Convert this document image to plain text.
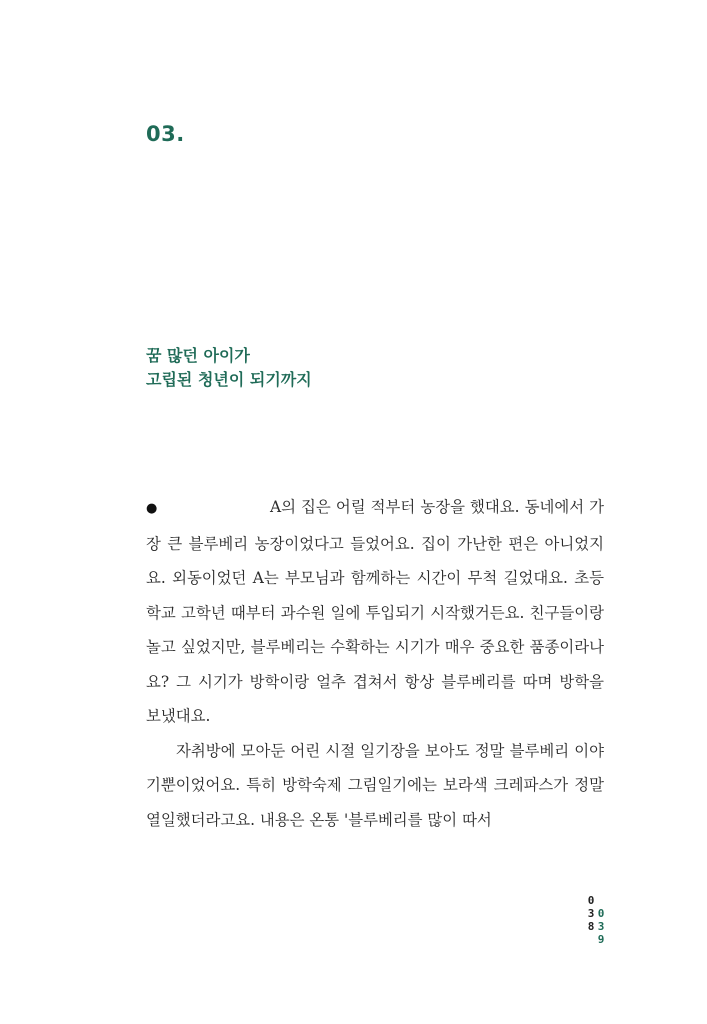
03.
꿈 많던 아이가
고립된 청년이 되기까지

●	A의 집은 어릴 적부터 농장을 했대요. 동네에서 가장 큰 블루베리 농장이었다고 들었어요. 집이 가난한 편은 아니었지요. 외동이었던 A는 부모님과 함께하는 시간이 무척 길었대요. 초등학교 고학년 때부터 과수원 일에 투입되기 시작했거든요. 친구들이랑 놀고 싶었지만, 블루베리는 수확하는 시기가 매우 중요한 품종이라나요? 그 시기가 방학이랑 얼추 겹쳐서 항상 블루베리를 따며 방학을 보냈대요.

자취방에 모아둔 어린 시절 일기장을 보아도 정말 블루베리 이야기뿐이었어요. 특히 방학숙제 그림일기에는 보라색 크레파스가 정말 열일했더라고요. 내용은 온통 '블루베리를 많이 따서

0
3
8
0
3
9
